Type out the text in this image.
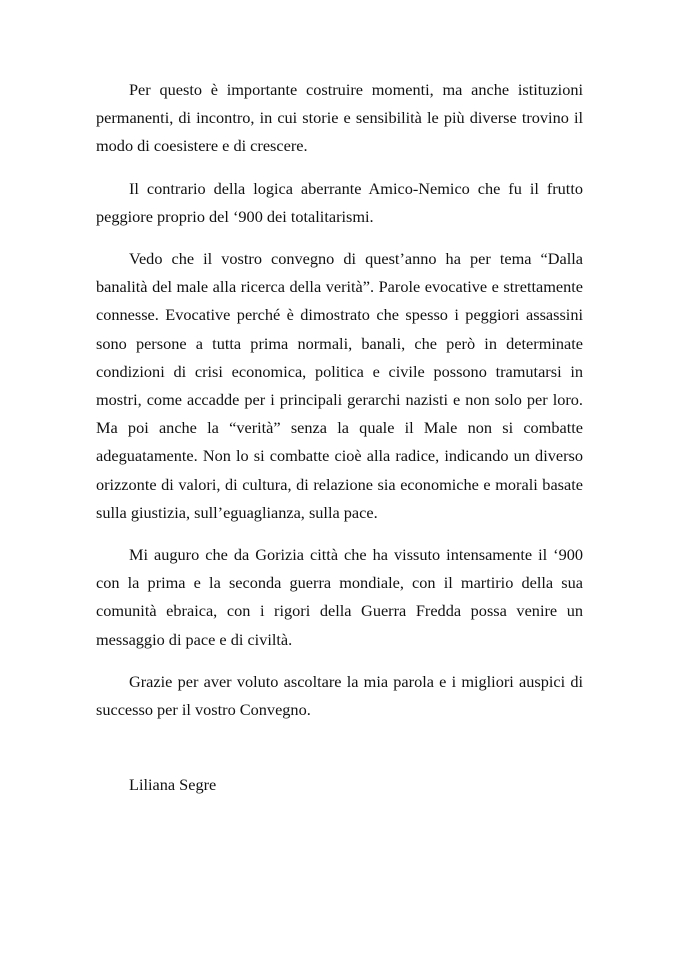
Per questo è importante costruire momenti, ma anche istituzioni permanenti, di incontro, in cui storie e sensibilità le più diverse trovino il modo di coesistere e di crescere.

Il contrario della logica aberrante Amico-Nemico che fu il frutto peggiore proprio del ‘900 dei totalitarismi.

Vedo che il vostro convegno di quest’anno ha per tema “Dalla banalità del male alla ricerca della verità”. Parole evocative e strettamente connesse. Evocative perché è dimostrato che spesso i peggiori assassini sono persone a tutta prima normali, banali, che però in determinate condizioni di crisi economica, politica e civile possono tramutarsi in mostri, come accadde per i principali gerarchi nazisti e non solo per loro. Ma poi anche la “verità” senza la quale il Male non si combatte adeguatamente. Non lo si combatte cioè alla radice, indicando un diverso orizzonte di valori, di cultura, di relazione sia economiche e morali basate sulla giustizia, sull’eguaglianza, sulla pace.

Mi auguro che da Gorizia città che ha vissuto intensamente il ‘900 con la prima e la seconda guerra mondiale, con il martirio della sua comunità ebraica, con i rigori della Guerra Fredda possa venire un messaggio di pace e di civiltà.

Grazie per aver voluto ascoltare la mia parola e i migliori auspici di successo per il vostro Convegno.

Liliana Segre
